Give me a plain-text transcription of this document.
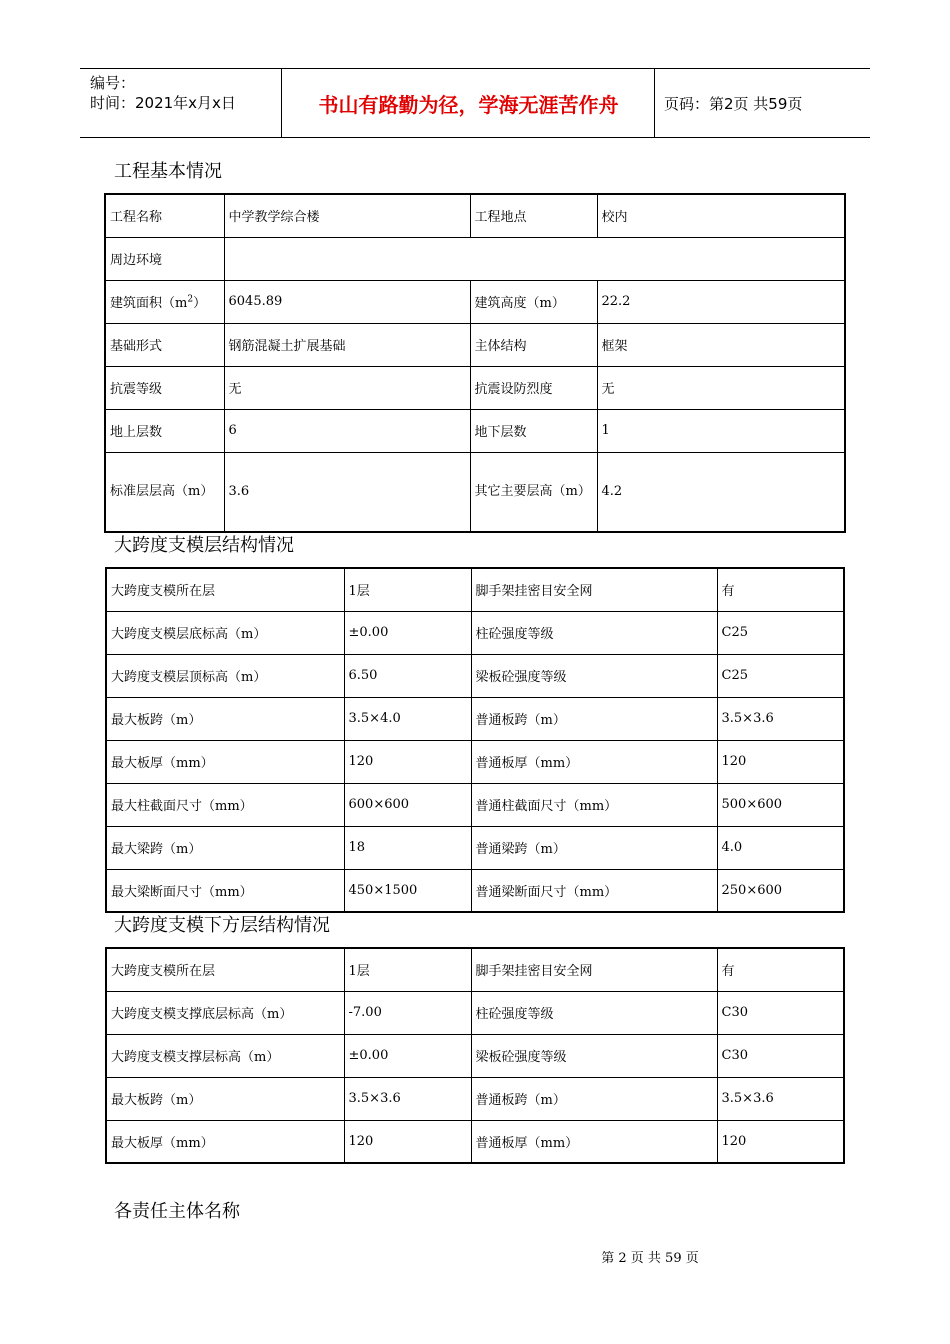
编号：
时间：2021年x月x日	书山有路勤为径，学海无涯苦作舟	页码：第2页 共59页
工程基本情况
工程名称	中学教学综合楼	工程地点	校内
周边环境			
建筑面积$(m^2)$	6045.89	建筑高度（m）	22.2
基础形式	钢筋混凝土扩展基础	主体结构	框架
抗震等级	无	抗震设防烈度	无
地上层数	6	地下层数	1
标准层层高（m）	3.6	其它主要层高（m）	4.2
大跨度支模层结构情况
大跨度支模所在层	1层	脚手架挂密目安全网	有
大跨度支模层底标高（m）	±0.00	柱砼强度等级	C25
大跨度支模层顶标高（m）	6.50	梁板砼强度等级	C25
最大板跨（m）	3.5×4.0	普通板跨（m）	3.5×3.6
最大板厚（mm）	120	普通板厚（mm）	120
最大柱截面尺寸（mm）	600×600	普通柱截面尺寸（mm）	500×600
最大梁跨（m）	18	普通梁跨（m）	4.0
最大梁断面尺寸（mm）	450×1500	普通梁断面尺寸（mm）	250×600
大跨度支模下方层结构情况
大跨度支模所在层	1层	脚手架挂密目安全网	有
大跨度支模支撑底层标高（m）	-7.00	柱砼强度等级	C30
大跨度支模支撑层标高（m）	±0.00	梁板砼强度等级	C30
最大板跨（m）	3.5×3.6	普通板跨（m）	3.5×3.6
最大板厚（mm）	120	普通板厚（mm）	120
各责任主体名称
第 2 页 共 59 页
